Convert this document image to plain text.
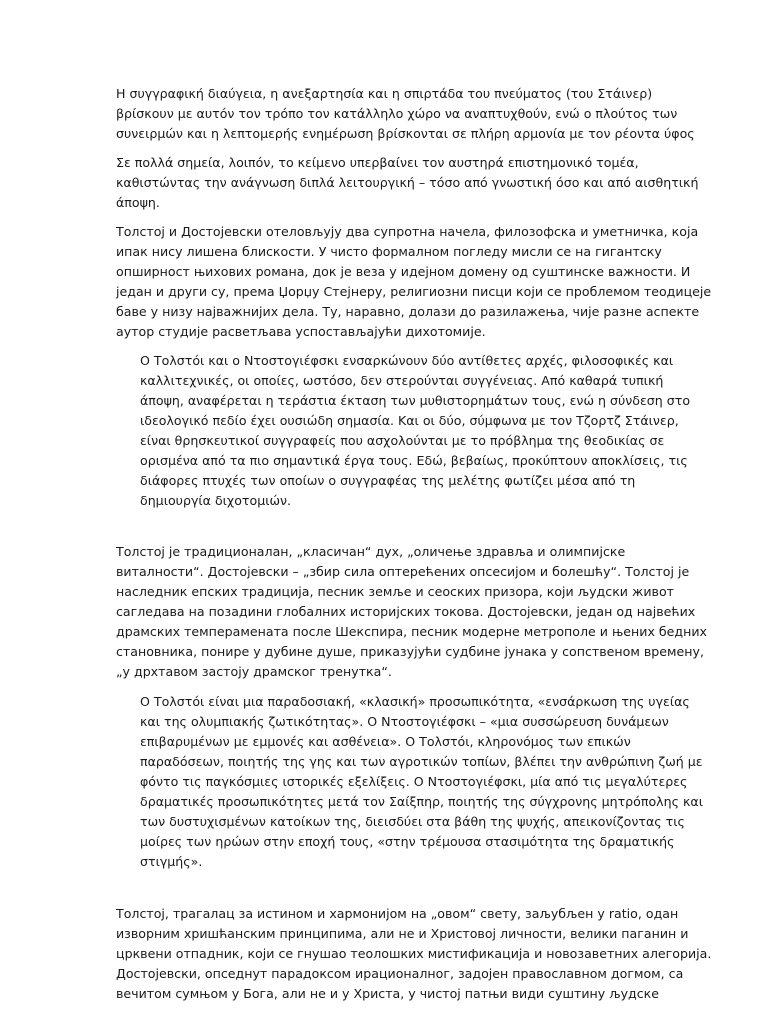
Η συγγραφική διαύγεια, η ανεξαρτησία και η σπιρτάδα του πνεύματος (του Στάινερ)
βρίσκουν με αυτόν τον τρόπο τον κατάλληλο χώρο να αναπτυχθούν, ενώ ο πλούτος των
συνειρμών και η λεπτομερής ενημέρωση βρίσκονται σε πλήρη αρμονία με τον ρέοντα ύφος

Σε πολλά σημεία, λοιπόν, το κείμενο υπερβαίνει τον αυστηρά επιστημονικό τομέα,
καθιστώντας την ανάγνωση διπλά λειτουργική – τόσο από γνωστική όσο και από αισθητική
άποψη.

Толстој и Достојевски отеловљују два супротна начела, филозофска и уметничка, која
ипак нису лишена блискости. У чисто формалном погледу мисли се на гигантску
опширност њихових романа, док је веза у идејном домену од суштинске важности. И
један и други су, према Џорџу Стејнеру, религиозни писци који се проблемом теодицеје
баве у низу најважнијих дела. Ту, наравно, долази до разилажења, чије разне аспекте
аутор студије расветљава успостављајући дихотомије.

Ο Τολστόι και ο Ντοστογιέφσκι ενσαρκώνουν δύο αντίθετες αρχές, φιλοσοφικές και
καλλιτεχνικές, οι οποίες, ωστόσο, δεν στερούνται συγγένειας. Από καθαρά τυπική
άποψη, αναφέρεται η τεράστια έκταση των μυθιστορημάτων τους, ενώ η σύνδεση στο
ιδεολογικό πεδίο έχει ουσιώδη σημασία. Και οι δύο, σύμφωνα με τον Τζορτζ Στάινερ,
είναι θρησκευτικοί συγγραφείς που ασχολούνται με το πρόβλημα της θεοδικίας σε
ορισμένα από τα πιο σημαντικά έργα τους. Εδώ, βεβαίως, προκύπτουν αποκλίσεις, τις
διάφορες πτυχές των οποίων ο συγγραφέας της μελέτης φωτίζει μέσα από τη
δημιουργία διχοτομιών.

Толстој је традиционалан, „класичан“ дух, „оличење здравља и олимпијске
виталности“. Достојевски – „збир сила оптерећених опсесијом и болешћу“. Толстој је
наследник епских традиција, песник земље и сеоских призора, који људски живот
сагледава на позадини глобалних историјских токова. Достојевски, један од највећих
драмских темперамената после Шекспира, песник модерне метрополе и њених бедних
становника, понире у дубине душе, приказујући судбине јунака у сопственом времену,
„у дрхтавом застоју драмског тренутка“.

Ο Τολστόι είναι μια παραδοσιακή, «κλασική» προσωπικότητα, «ενσάρκωση της υγείας
και της ολυμπιακής ζωτικότητας». Ο Ντοστογιέφσκι – «μια συσσώρευση δυνάμεων
επιβαρυμένων με εμμονές και ασθένεια». Ο Τολστόι, κληρονόμος των επικών
παραδόσεων, ποιητής της γης και των αγροτικών τοπίων, βλέπει την ανθρώπινη ζωή με
φόντο τις παγκόσμιες ιστορικές εξελίξεις. Ο Ντοστογιέφσκι, μία από τις μεγαλύτερες
δραματικές προσωπικότητες μετά τον Σαίξπηρ, ποιητής της σύγχρονης μητρόπολης και
των δυστυχισμένων κατοίκων της, διεισδύει στα βάθη της ψυχής, απεικονίζοντας τις
μοίρες των ηρώων στην εποχή τους, «στην τρέμουσα στασιμότητα της δραματικής
στιγμής».

Толстој, трагалац за истином и хармонијом на „овом“ свету, заљубљен у ratio, одан
изворним хришћанским принципима, али не и Христовој личности, велики паганин и
црквени отпадник, који се гнушао теолошких мистификација и новозаветних алегорија.
Достојевски, опседнут парадоксом ирационалног, задојен православном догмом, са
вечитом сумњом у Бога, али не и у Христа, у чистој патњи види суштину људске
